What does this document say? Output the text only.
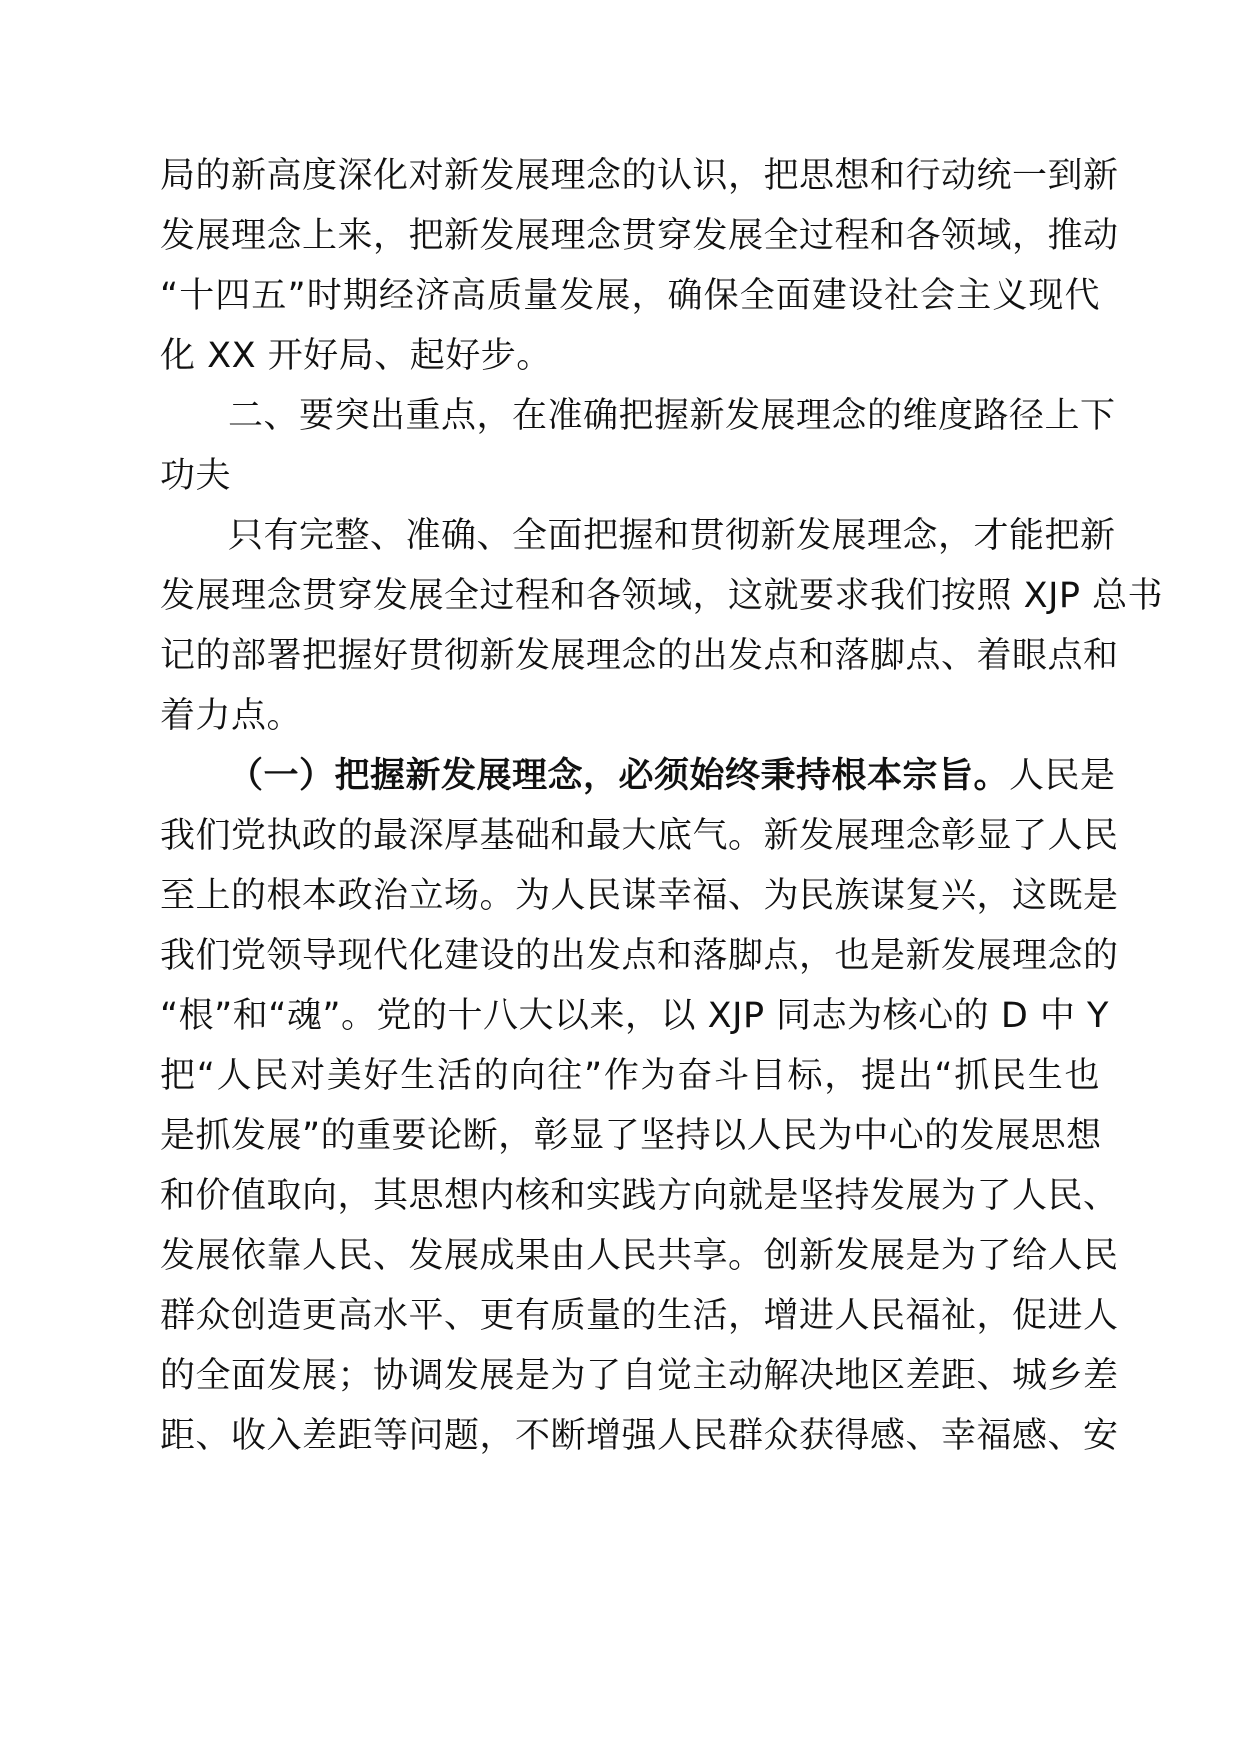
局的新高度深化对新发展理念的认识，把思想和行动统一到新
发展理念上来，把新发展理念贯穿发展全过程和各领域，推动
“十四五”时期经济高质量发展，确保全面建设社会主义现代
化 XX 开好局、起好步。
二、要突出重点，在准确把握新发展理念的维度路径上下
功夫
只有完整、准确、全面把握和贯彻新发展理念，才能把新
发展理念贯穿发展全过程和各领域，这就要求我们按照 XJP 总书
记的部署把握好贯彻新发展理念的出发点和落脚点、着眼点和
着力点。
（一）把握新发展理念，必须始终秉持根本宗旨。人民是
我们党执政的最深厚基础和最大底气。新发展理念彰显了人民
至上的根本政治立场。为人民谋幸福、为民族谋复兴，这既是
我们党领导现代化建设的出发点和落脚点，也是新发展理念的
“根”和“魂”。党的十八大以来，以 XJP 同志为核心的 D 中 Y
把“人民对美好生活的向往”作为奋斗目标，提出“抓民生也
是抓发展”的重要论断，彰显了坚持以人民为中心的发展思想
和价值取向，其思想内核和实践方向就是坚持发展为了人民、
发展依靠人民、发展成果由人民共享。创新发展是为了给人民
群众创造更高水平、更有质量的生活，增进人民福祉，促进人
的全面发展；协调发展是为了自觉主动解决地区差距、城乡差
距、收入差距等问题，不断增强人民群众获得感、幸福感、安
